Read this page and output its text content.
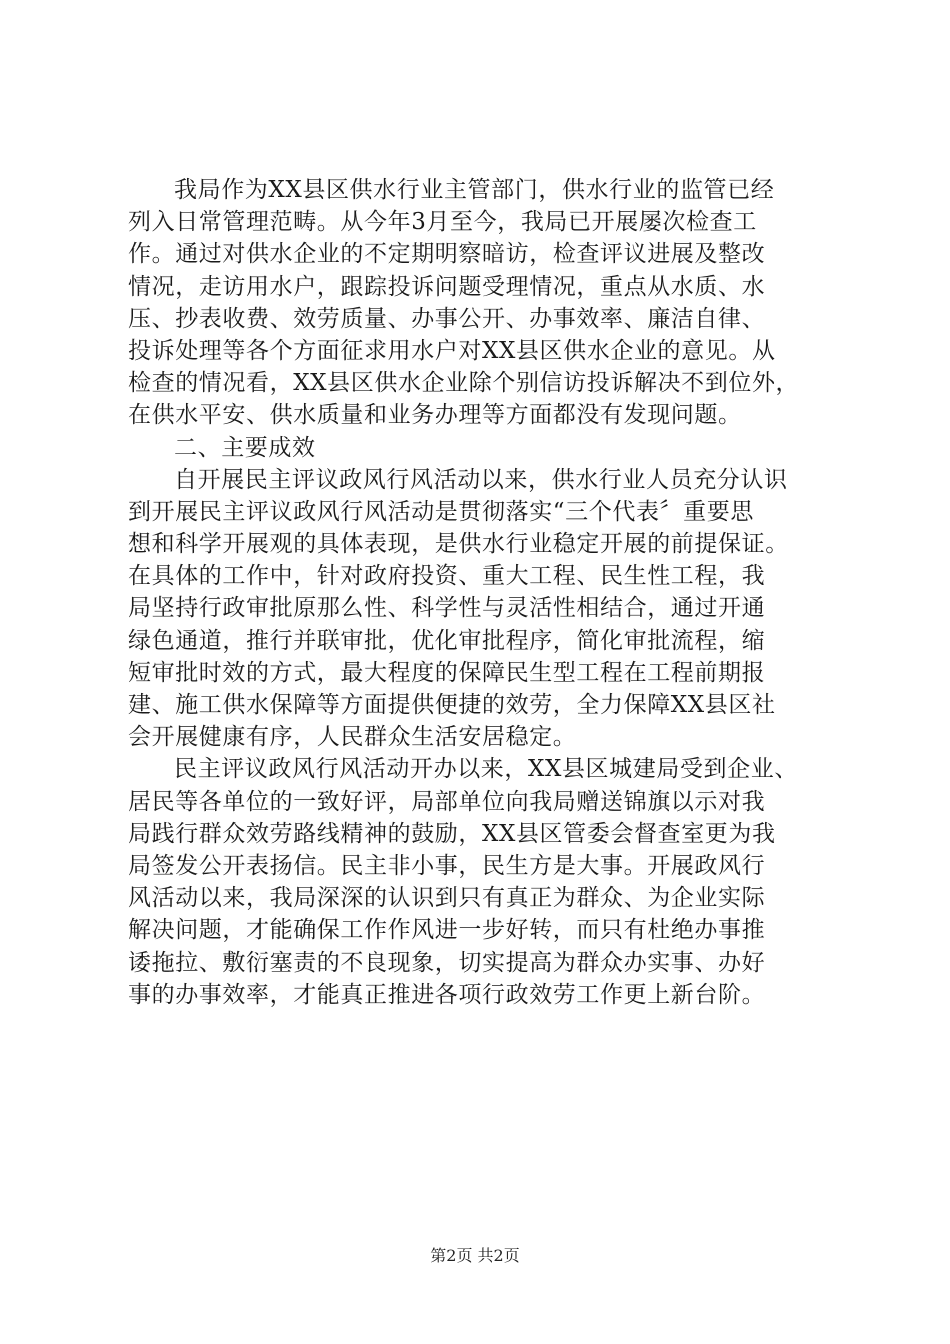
我局作为XX县区供水行业主管部门，供水行业的监管已经
列入日常管理范畴。从今年3月至今，我局已开展屡次检查工
作。通过对供水企业的不定期明察暗访，检查评议进展及整改
情况，走访用水户，跟踪投诉问题受理情况，重点从水质、水
压、抄表收费、效劳质量、办事公开、办事效率、廉洁自律、
投诉处理等各个方面征求用水户对XX县区供水企业的意见。从
检查的情况看，XX县区供水企业除个别信访投诉解决不到位外，
在供水平安、供水质量和业务办理等方面都没有发现问题。
二、主要成效
自开展民主评议政风行风活动以来，供水行业人员充分认识
到开展民主评议政风行风活动是贯彻落实“三个代表〞重要思
想和科学开展观的具体表现，是供水行业稳定开展的前提保证。
在具体的工作中，针对政府投资、重大工程、民生性工程，我
局坚持行政审批原那么性、科学性与灵活性相结合，通过开通
绿色通道，推行并联审批，优化审批程序，简化审批流程，缩
短审批时效的方式，最大程度的保障民生型工程在工程前期报
建、施工供水保障等方面提供便捷的效劳，全力保障XX县区社
会开展健康有序，人民群众生活安居稳定。
民主评议政风行风活动开办以来，XX县区城建局受到企业、
居民等各单位的一致好评，局部单位向我局赠送锦旗以示对我
局践行群众效劳路线精神的鼓励，XX县区管委会督查室更为我
局签发公开表扬信。民主非小事，民生方是大事。开展政风行
风活动以来，我局深深的认识到只有真正为群众、为企业实际
解决问题，才能确保工作作风进一步好转，而只有杜绝办事推
诿拖拉、敷衍塞责的不良现象，切实提高为群众办实事、办好
事的办事效率，才能真正推进各项行政效劳工作更上新台阶。
第2页 共2页
